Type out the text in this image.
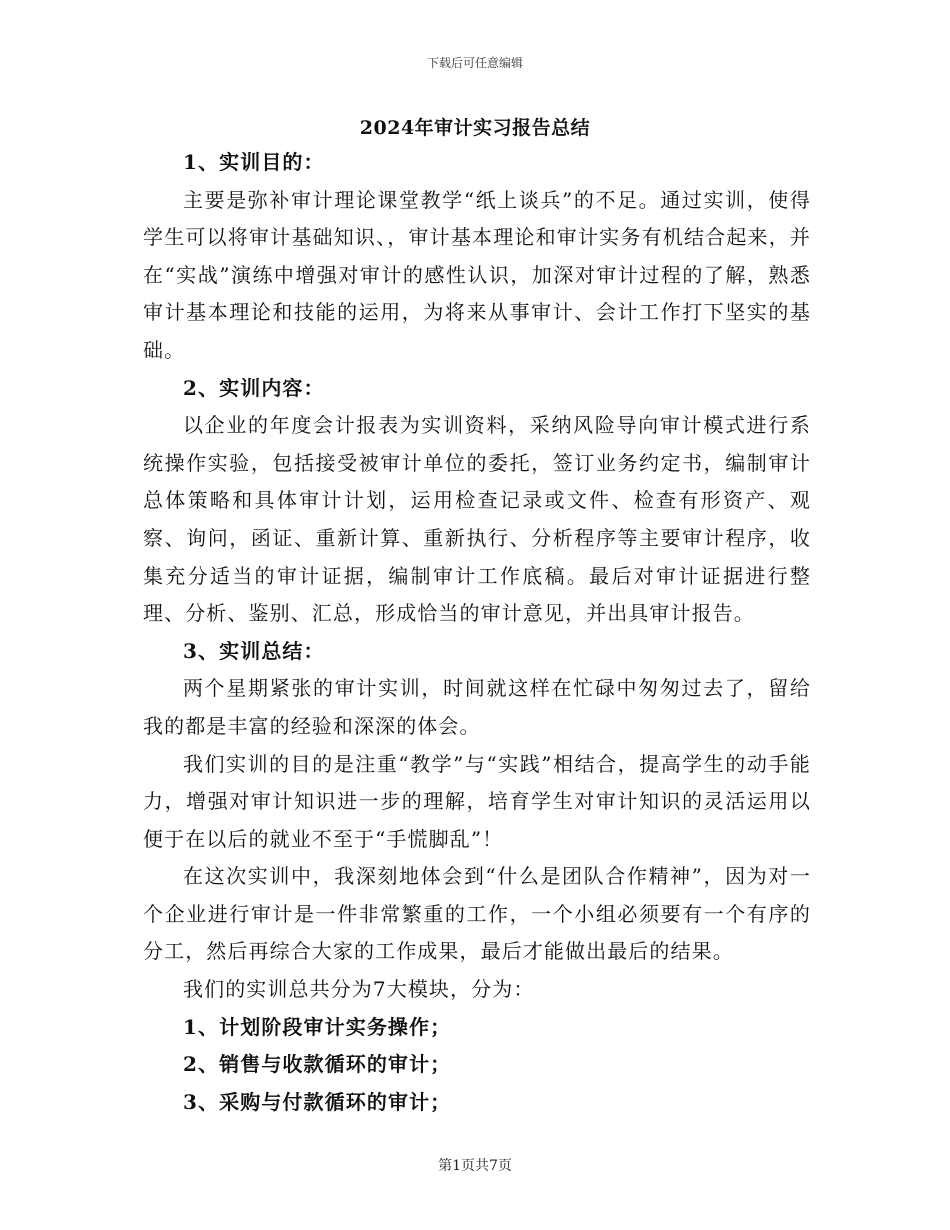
下载后可任意编辑
2024年审计实习报告总结
1、实训目的：

主要是弥补审计理论课堂教学“纸上谈兵”的不足。通过实训，使得学生可以将审计基础知识、，审计基本理论和审计实务有机结合起来，并在“实战”演练中增强对审计的感性认识，加深对审计过程的了解，熟悉审计基本理论和技能的运用，为将来从事审计、会计工作打下坚实的基础。

2、实训内容：

以企业的年度会计报表为实训资料，采纳风险导向审计模式进行系统操作实验，包括接受被审计单位的委托，签订业务约定书，编制审计总体策略和具体审计计划，运用检查记录或文件、检查有形资产、观察、询问，函证、重新计算、重新执行、分析程序等主要审计程序，收集充分适当的审计证据，编制审计工作底稿。最后对审计证据进行整理、分析、鉴别、汇总，形成恰当的审计意见，并出具审计报告。

3、实训总结：

两个星期紧张的审计实训，时间就这样在忙碌中匆匆过去了，留给我的都是丰富的经验和深深的体会。

我们实训的目的是注重“教学”与“实践”相结合，提高学生的动手能力，增强对审计知识进一步的理解，培育学生对审计知识的灵活运用以便于在以后的就业不至于“手慌脚乱”！

在这次实训中，我深刻地体会到“什么是团队合作精神”，因为对一个企业进行审计是一件非常繁重的工作，一个小组必须要有一个有序的分工，然后再综合大家的工作成果，最后才能做出最后的结果。

我们的实训总共分为7大模块，分为：

1、计划阶段审计实务操作；
2、销售与收款循环的审计；
3、采购与付款循环的审计；
第1页共7页
